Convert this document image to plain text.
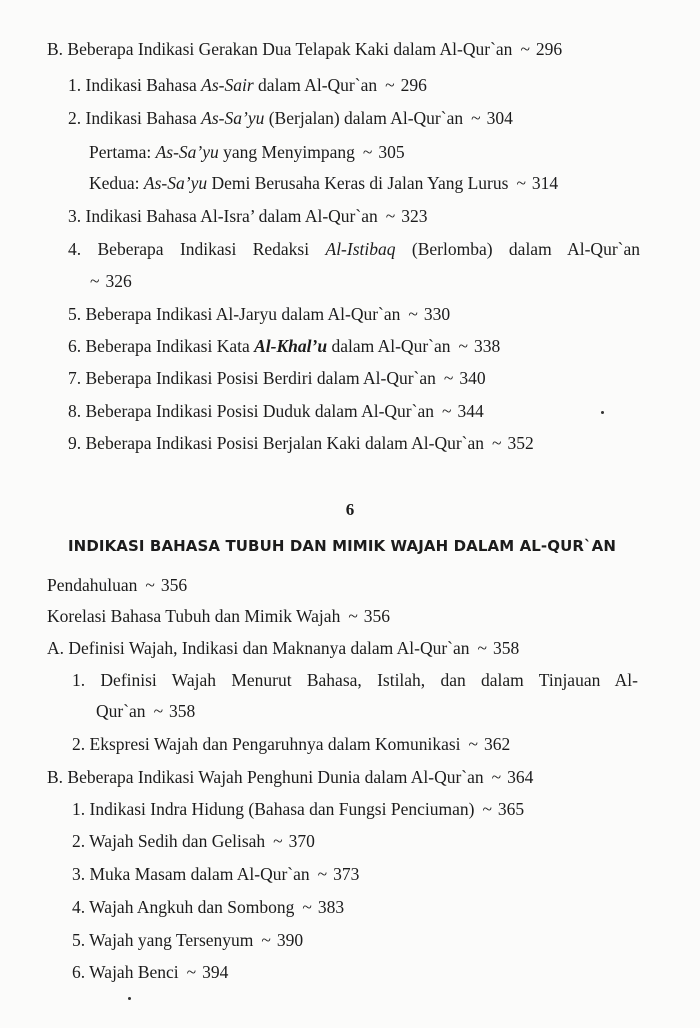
B. Beberapa Indikasi Gerakan Dua Telapak Kaki dalam Al-Qur`an ~ 296
1. Indikasi Bahasa As-Sair dalam Al-Qur`an ~ 296
2. Indikasi Bahasa As-Sa’yu (Berjalan) dalam Al-Qur`an ~ 304
Pertama: As-Sa’yu yang Menyimpang ~ 305
Kedua: As-Sa’yu Demi Berusaha Keras di Jalan Yang Lurus ~ 314
3. Indikasi Bahasa Al-Isra’ dalam Al-Qur`an ~ 323
4. Beberapa Indikasi Redaksi Al-Istibaq (Berlomba) dalam Al-Qur`an
~ 326
5. Beberapa Indikasi Al-Jaryu dalam Al-Qur`an ~ 330
6. Beberapa Indikasi Kata Al-Khal’u dalam Al-Qur`an ~ 338
7. Beberapa Indikasi Posisi Berdiri dalam Al-Qur`an ~ 340
8. Beberapa Indikasi Posisi Duduk dalam Al-Qur`an ~ 344
9. Beberapa Indikasi Posisi Berjalan Kaki dalam Al-Qur`an ~ 352
6
INDIKASI BAHASA TUBUH DAN MIMIK WAJAH DALAM AL-QUR`AN
Pendahuluan ~ 356
Korelasi Bahasa Tubuh dan Mimik Wajah ~ 356
A. Definisi Wajah, Indikasi dan Maknanya dalam Al-Qur`an ~ 358
1. Definisi Wajah Menurut Bahasa, Istilah, dan dalam Tinjauan Al-
Qur`an ~ 358
2. Ekspresi Wajah dan Pengaruhnya dalam Komunikasi ~ 362
B. Beberapa Indikasi Wajah Penghuni Dunia dalam Al-Qur`an ~ 364
1. Indikasi Indra Hidung (Bahasa dan Fungsi Penciuman) ~ 365
2. Wajah Sedih dan Gelisah ~ 370
3. Muka Masam dalam Al-Qur`an ~ 373
4. Wajah Angkuh dan Sombong ~ 383
5. Wajah yang Tersenyum ~ 390
6. Wajah Benci ~ 394
